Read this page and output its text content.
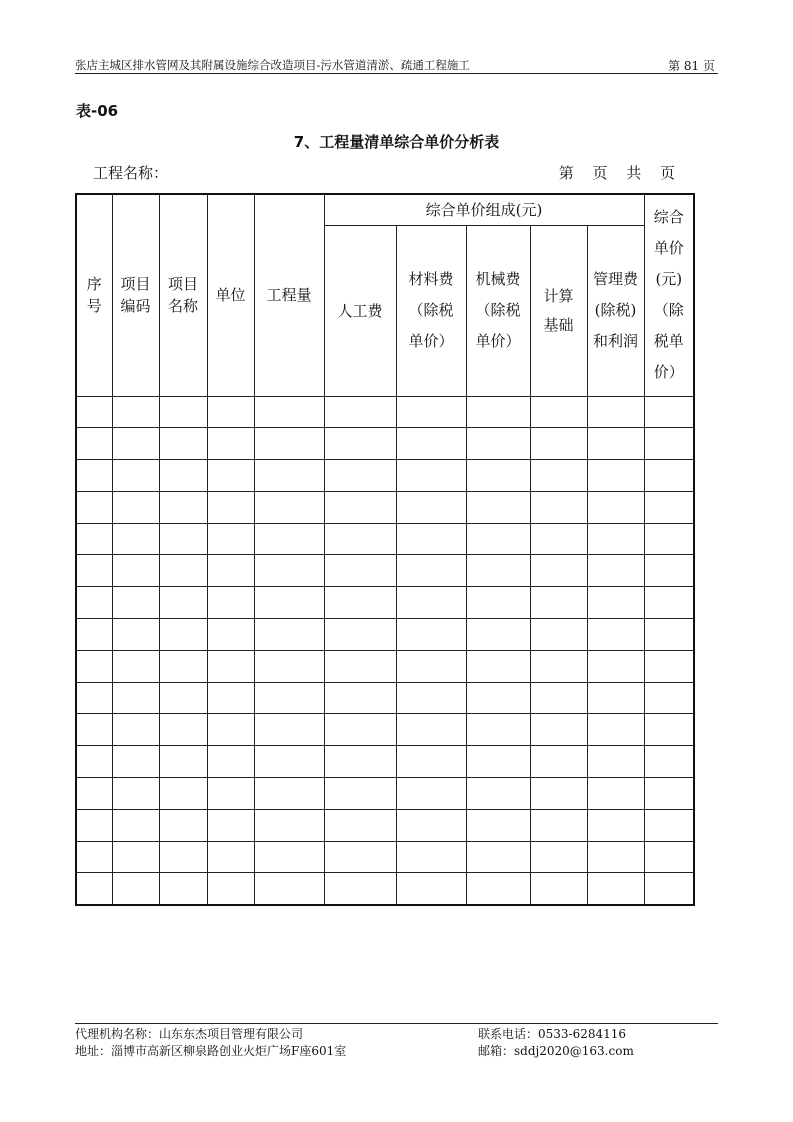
张店主城区排水管网及其附属设施综合改造项目-污水管道清淤、疏通工程施工	第 81 页
表-06
7、工程量清单综合单价分析表
工程名称：	第 页 共 页
序号	项目编码	项目名称	单位	工程量	综合单价组成(元)					综合单价(元)（除税单价）
					人工费	材料费（除税单价）	机械费（除税单价）	计算基础	管理费(除税)和利润	

代理机构名称：山东东杰项目管理有限公司	联系电话：0533-6284116
地址：淄博市高新区柳泉路创业火炬广场F座601室	邮箱：sddj2020@163.com
